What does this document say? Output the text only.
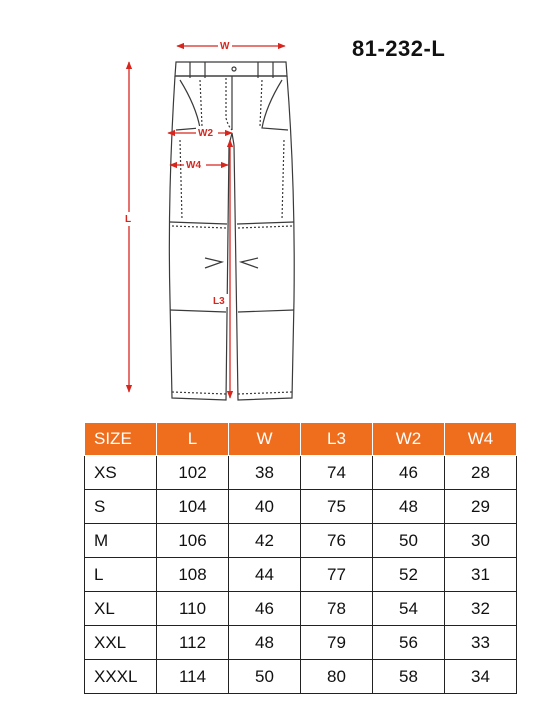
W
W2
W4
L
L3
81-232-L
SIZE	L	W	L3	W2	W4
XS	102	38	74	46	28
S	104	40	75	48	29
M	106	42	76	50	30
L	108	44	77	52	31
XL	110	46	78	54	32
XXL	112	48	79	56	33
XXXL	114	50	80	58	34
